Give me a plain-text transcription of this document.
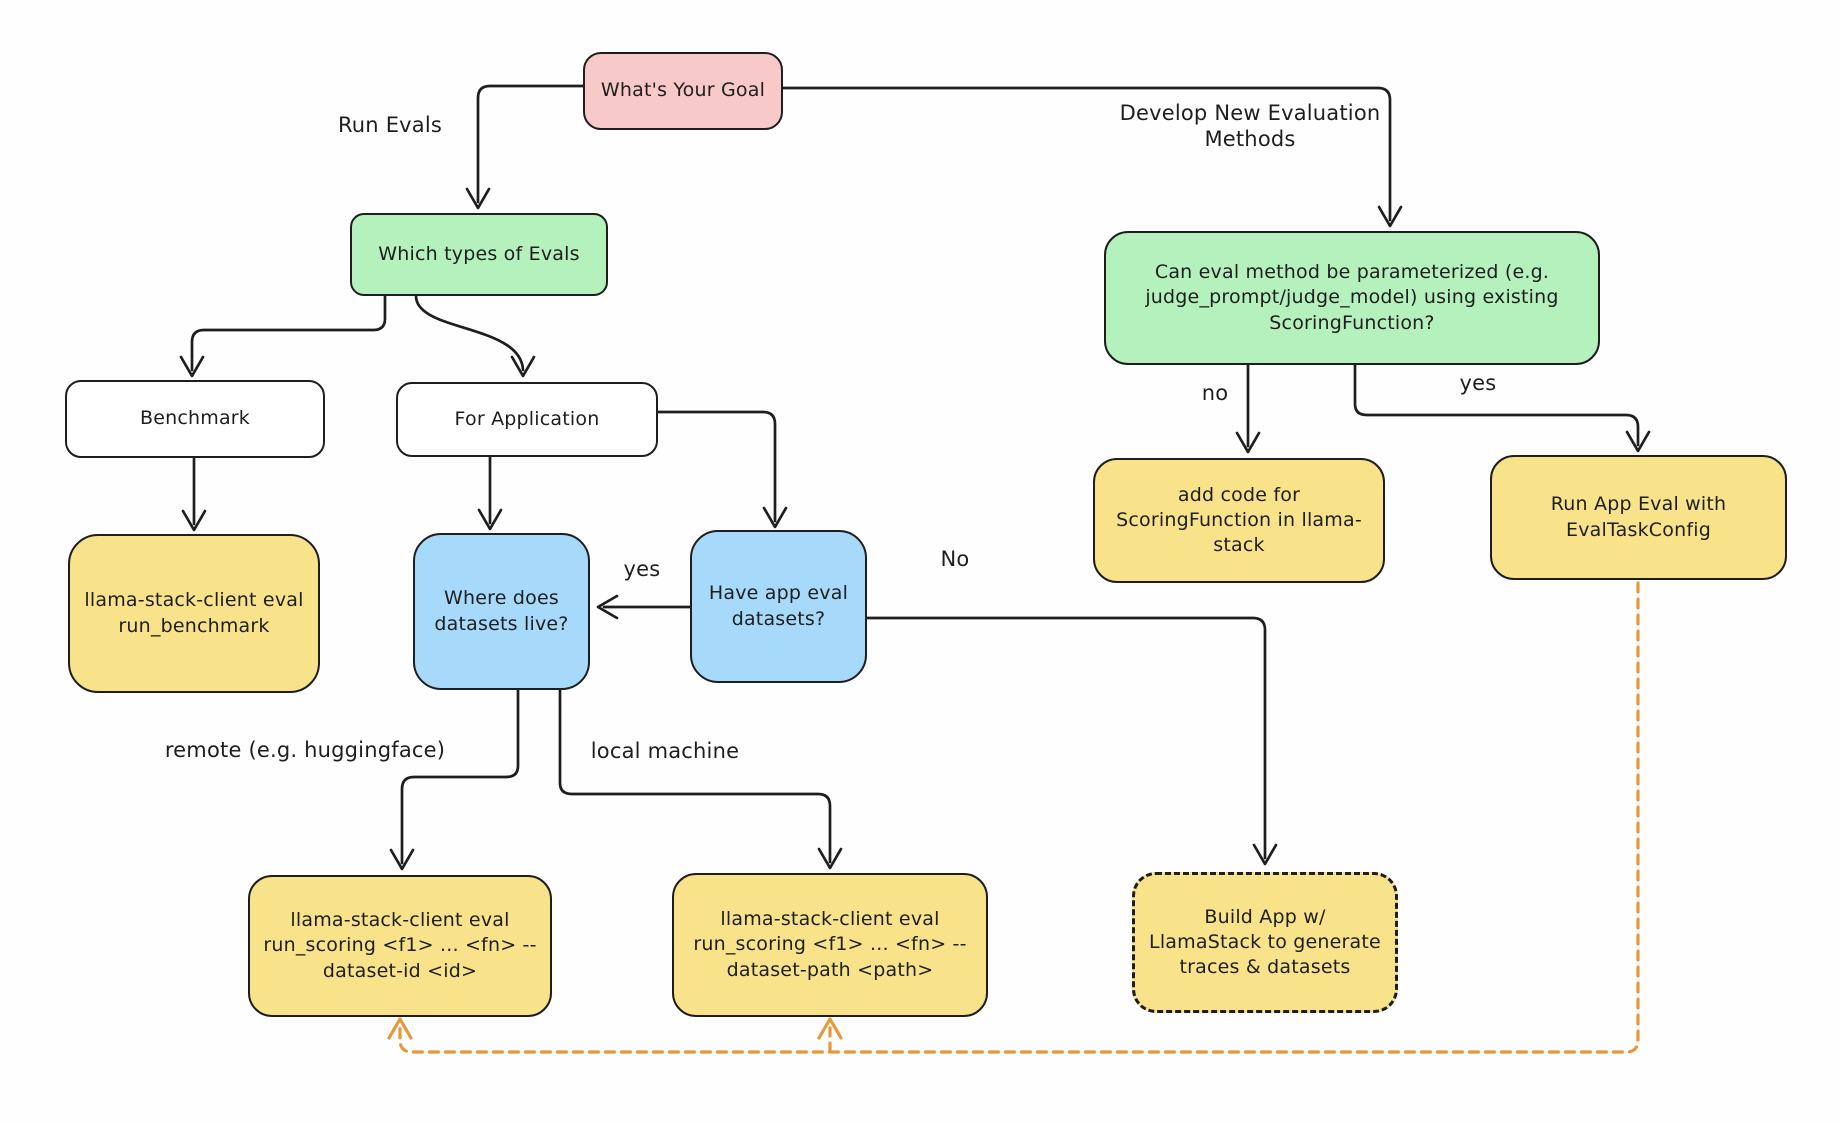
What's Your Goal
Which types of Evals
Can eval method be parameterized (e.g. judge_prompt/judge_model) using existing ScoringFunction?
Benchmark	For Application
llama-stack-client eval run_benchmark
Where does datasets live?
Have app eval datasets?
add code for ScoringFunction in llama-stack
Run App Eval with EvalTaskConfig
llama-stack-client eval run_scoring <f1> ... <fn> --dataset-id <id>
llama-stack-client eval run_scoring <f1> ... <fn> --dataset-path <path>
Build App w/ LlamaStack to generate traces & datasets
Run Evals	Develop New Evaluation Methods
yes	No
no	yes
remote (e.g. huggingface)	local machine
